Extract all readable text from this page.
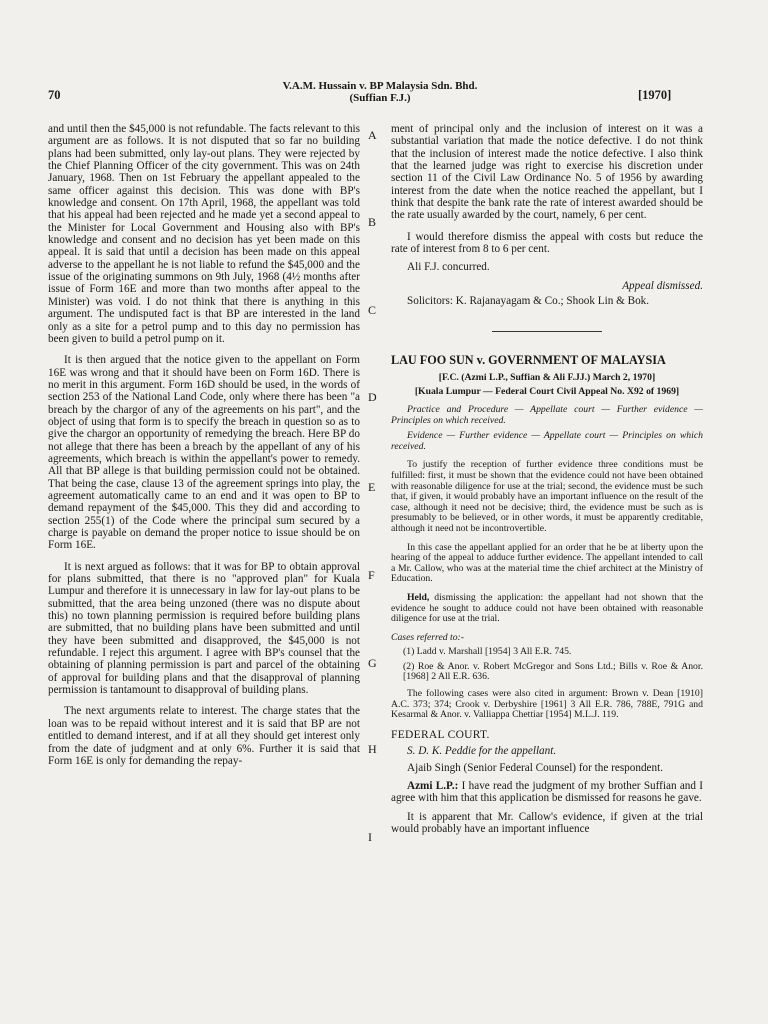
70
V.A.M. Hussain v. BP Malaysia Sdn. Bhd.
(Suffian F.J.)	[1970]
A
B
C
D
E
F
G
H
I

and until then the $45,000 is not refundable. The facts relevant to this argument are as follows. It is not disputed that so far no building plans had been submitted, only lay-out plans. They were rejected by the Chief Planning Officer of the city government. This was on 24th January, 1968. Then on 1st February the appellant appealed to the same officer against this decision. This was done with BP's knowledge and consent. On 17th April, 1968, the appellant was told that his appeal had been rejected and he made yet a second appeal to the Minister for Local Government and Housing also with BP's knowledge and consent and no decision has yet been made on this appeal. It is said that until a decision has been made on this appeal adverse to the appellant he is not liable to refund the $45,000 and the issue of the originating summons on 9th July, 1968 (4½ months after issue of Form 16E and more than two months after appeal to the Minister) was void. I do not think that there is anything in this argument. The undisputed fact is that BP are interested in the land only as a site for a petrol pump and to this day no permission has been given to build a petrol pump on it.

It is then argued that the notice given to the appellant on Form 16E was wrong and that it should have been on Form 16D. There is no merit in this argument. Form 16D should be used, in the words of section 253 of the National Land Code, only where there has been "a breach by the chargor of any of the agreements on his part", and the object of using that form is to specify the breach in question so as to give the chargor an opportunity of remedying the breach. Here BP do not allege that there has been a breach by the appellant of any of his agreements, which breach is within the appellant's power to remedy. All that BP allege is that building permission could not be obtained. That being the case, clause 13 of the agreement springs into play, the agreement automatically came to an end and it was open to BP to demand repayment of the $45,000. This they did and according to section 255(1) of the Code where the principal sum secured by a charge is payable on demand the proper notice to issue should be on Form 16E.

It is next argued as follows: that it was for BP to obtain approval for plans submitted, that there is no "approved plan" for Kuala Lumpur and therefore it is unnecessary in law for lay-out plans to be submitted, that the area being unzoned (there was no dispute about this) no town planning permission is required before building plans are submitted, that no building plans have been submitted and until they have been submitted and disapproved, the $45,000 is not refundable. I reject this argument. I agree with BP's counsel that the obtaining of planning permission is part and parcel of the obtaining of approval for building plans and that the disapproval of planning permission is tantamount to disapproval of building plans.

The next arguments relate to interest. The charge states that the loan was to be repaid without interest and it is said that BP are not entitled to demand interest, and if at all they should get interest only from the date of judgment and at only 6%. Further it is said that Form 16E is only for demanding the repay-

ment of principal only and the inclusion of interest on it was a substantial variation that made the notice defective. I do not think that the inclusion of interest made the notice defective. I also think that the learned judge was right to exercise his discretion under section 11 of the Civil Law Ordinance No. 5 of 1956 by awarding interest from the date when the notice reached the appellant, but I think that despite the bank rate the rate of interest awarded should be the rate usually awarded by the court, namely, 6 per cent.

I would therefore dismiss the appeal with costs but reduce the rate of interest from 8 to 6 per cent.

Ali F.J. concurred.

Appeal dismissed.

Solicitors: K. Rajanayagam & Co.; Shook Lin & Bok.

LAU FOO SUN v. GOVERNMENT OF MALAYSIA

[F.C. (Azmi L.P., Suffian & Ali F.JJ.) March 2, 1970]

[Kuala Lumpur — Federal Court Civil Appeal No. X92 of 1969]

Practice and Procedure — Appellate court — Further evidence — Principles on which received.

Evidence — Further evidence — Appellate court — Principles on which received.

To justify the reception of further evidence three conditions must be fulfilled: first, it must be shown that the evidence could not have been obtained with reasonable diligence for use at the trial; second, the evidence must be such that, if given, it would probably have an important influence on the result of the case, although it need not be decisive; third, the evidence must be such as is presumably to be believed, or in other words, it must be apparently creditable, although it need not be incontrovertible.

In this case the appellant applied for an order that he be at liberty upon the hearing of the appeal to adduce further evidence. The appellant intended to call a Mr. Callow, who was at the material time the chief architect at the Ministry of Education.

Held, dismissing the application: the appellant had not shown that the evidence he sought to adduce could not have been obtained with reasonable diligence for use at the trial.

Cases referred to:-

(1) Ladd v. Marshall [1954] 3 All E.R. 745.

(2) Roe & Anor. v. Robert McGregor and Sons Ltd.; Bills v. Roe & Anor. [1968] 2 All E.R. 636.

The following cases were also cited in argument: Brown v. Dean [1910] A.C. 373; 374; Crook v. Derbyshire [1961] 3 All E.R. 786, 788E, 791G and Kesarmal & Anor. v. Valliappa Chettiar [1954] M.L.J. 119.

FEDERAL COURT.

S. D. K. Peddie for the appellant.

Ajaib Singh (Senior Federal Counsel) for the respondent.

Azmi L.P.: I have read the judgment of my brother Suffian and I agree with him that this application be dismissed for reasons he gave.

It is apparent that Mr. Callow's evidence, if given at the trial would probably have an important influence
